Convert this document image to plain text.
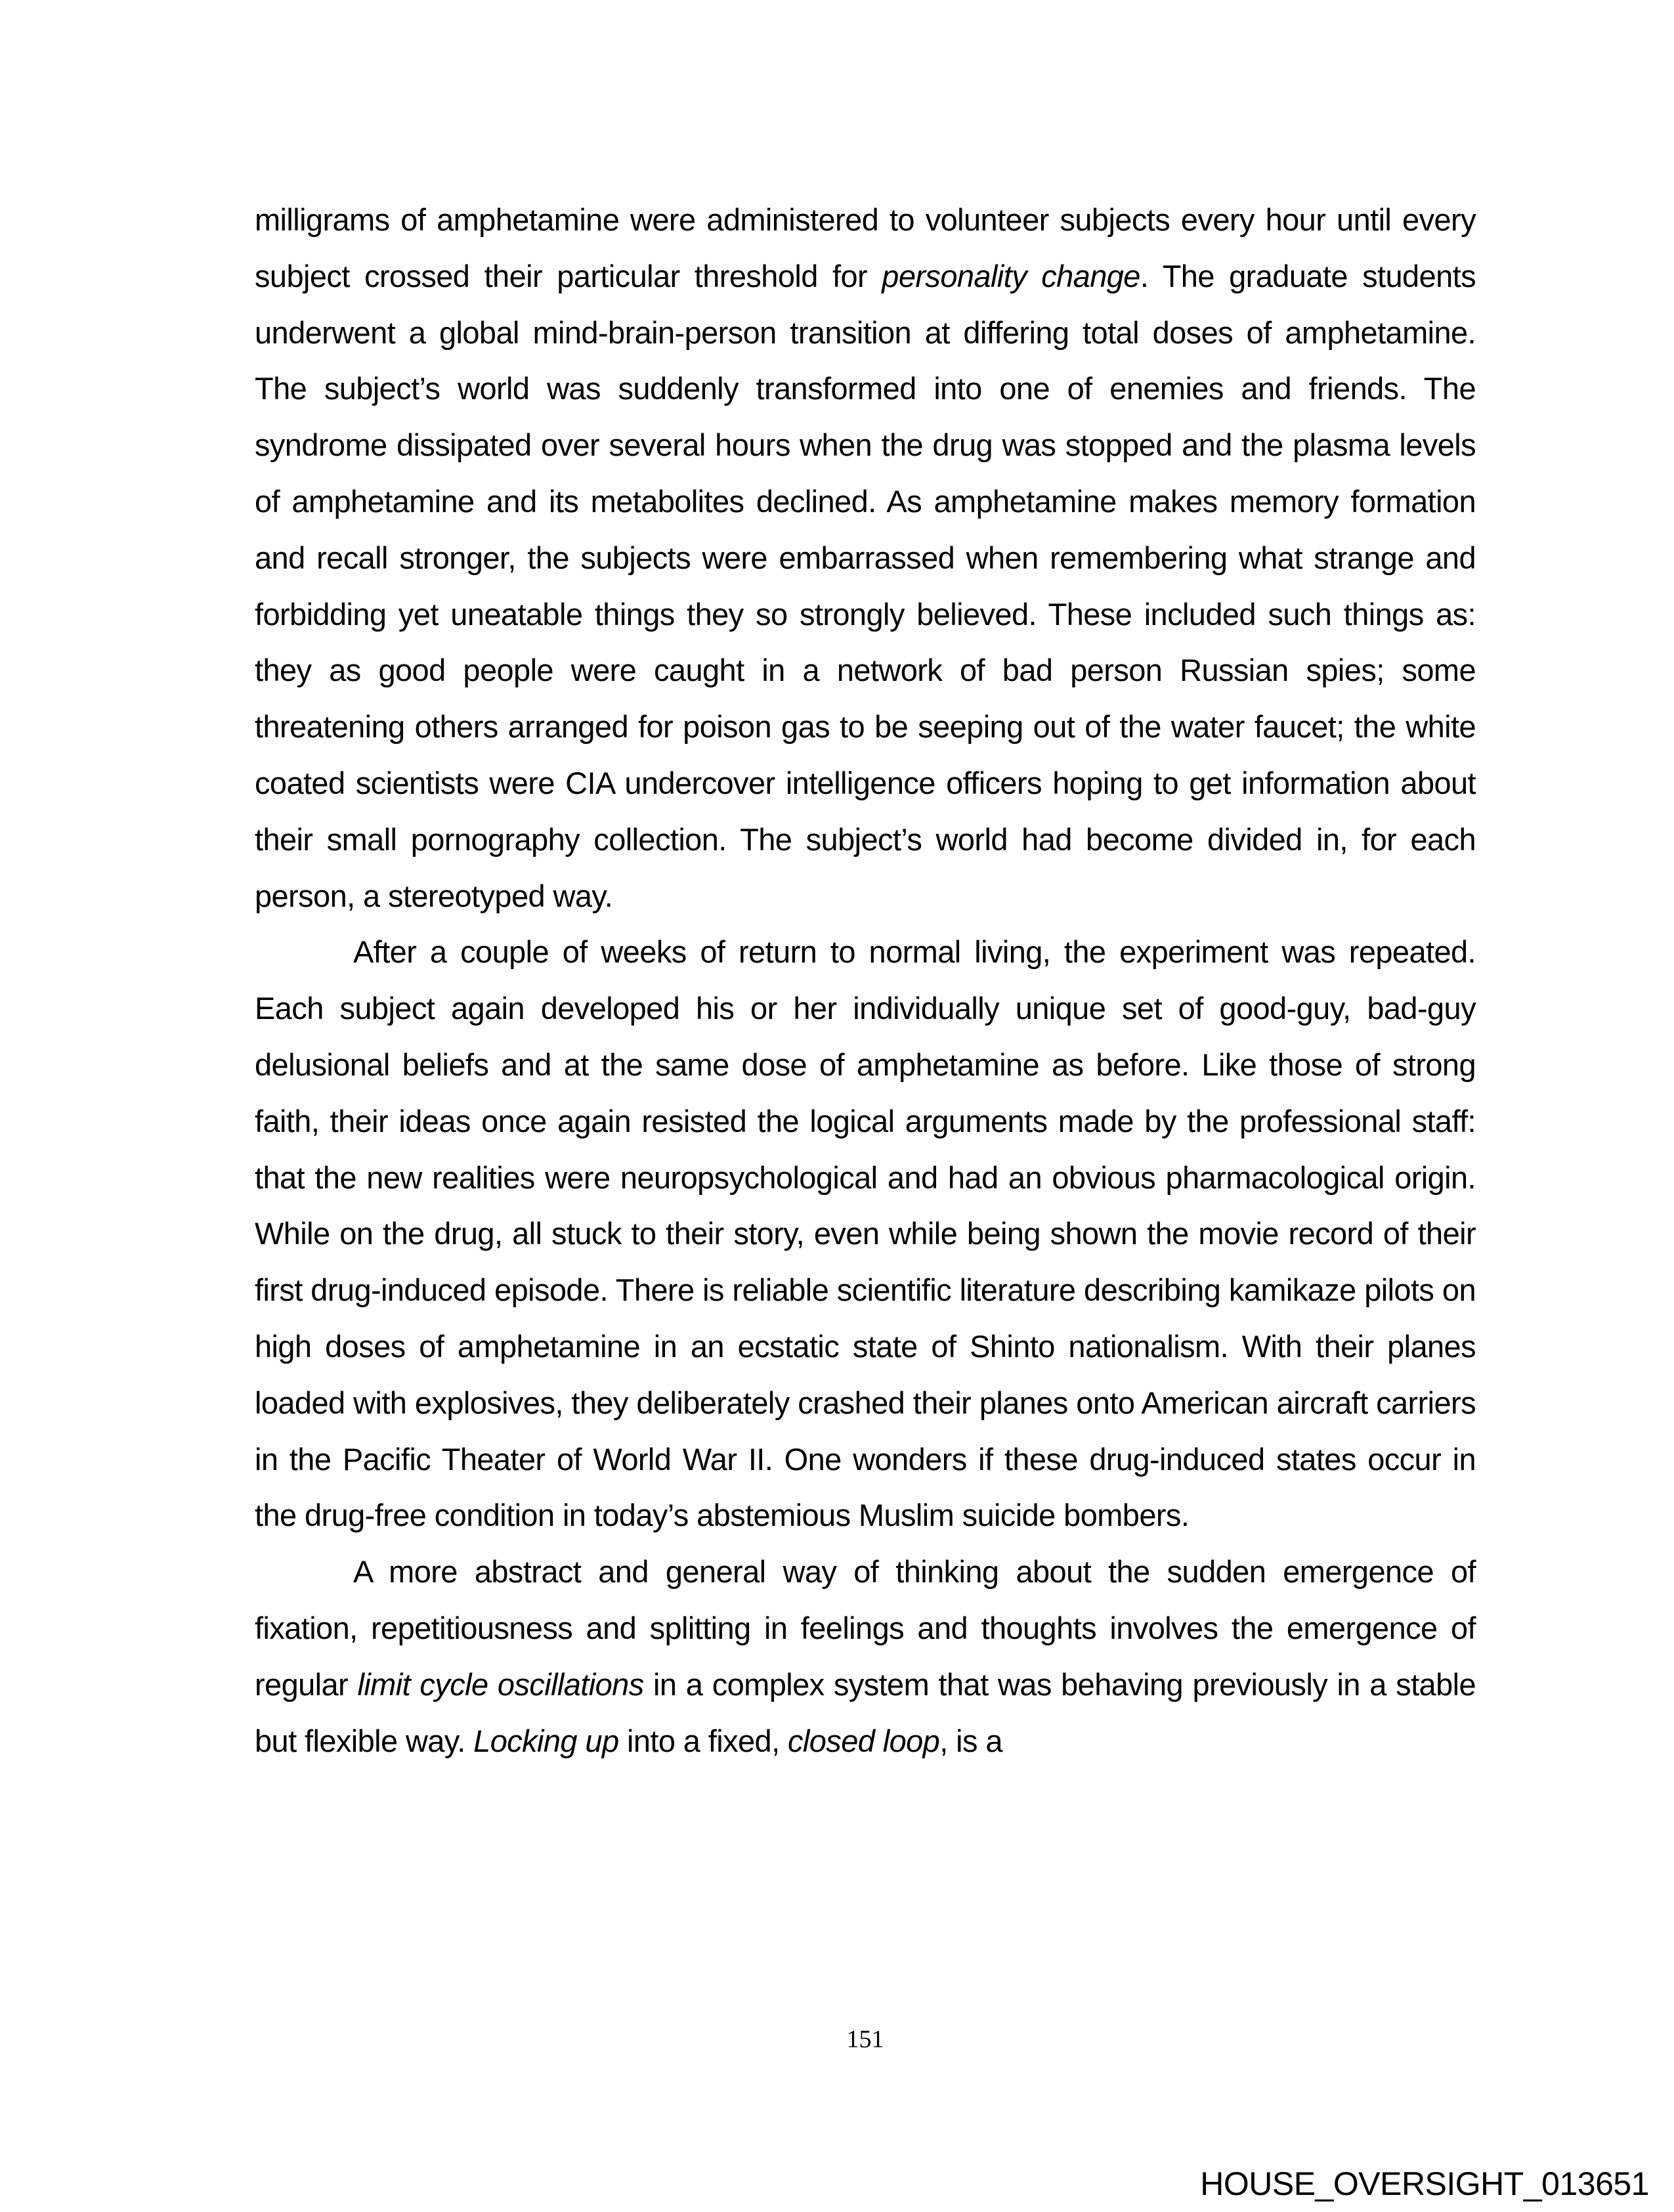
milligrams of amphetamine were administered to volunteer subjects every hour until every subject crossed their particular threshold for personality change. The graduate students underwent a global mind-brain-person transition at differing total doses of amphetamine. The subject’s world was suddenly transformed into one of enemies and friends. The syndrome dissipated over several hours when the drug was stopped and the plasma levels of amphetamine and its metabolites declined. As amphetamine makes memory formation and recall stronger, the subjects were embarrassed when remembering what strange and forbidding yet uneatable things they so strongly believed. These included such things as: they as good people were caught in a network of bad person Russian spies; some threatening others arranged for poison gas to be seeping out of the water faucet; the white coated scientists were CIA undercover intelligence officers hoping to get information about their small pornography collection. The subject’s world had become divided in, for each person, a stereotyped way.

After a couple of weeks of return to normal living, the experiment was repeated. Each subject again developed his or her individually unique set of good-guy, bad-guy delusional beliefs and at the same dose of amphetamine as before. Like those of strong faith, their ideas once again resisted the logical arguments made by the professional staff: that the new realities were neuropsychological and had an obvious pharmacological origin. While on the drug, all stuck to their story, even while being shown the movie record of their first drug-induced episode. There is reliable scientific literature describing kamikaze pilots on high doses of amphetamine in an ecstatic state of Shinto nationalism. With their planes loaded with explosives, they deliberately crashed their planes onto American aircraft carriers in the Pacific Theater of World War II. One wonders if these drug-induced states occur in the drug-free condition in today’s abstemious Muslim suicide bombers.

A more abstract and general way of thinking about the sudden emergence of fixation, repetitiousness and splitting in feelings and thoughts involves the emergence of regular limit cycle oscillations in a complex system that was behaving previously in a stable but flexible way. Locking up into a fixed, closed loop, is a

151
HOUSE_OVERSIGHT_013651
